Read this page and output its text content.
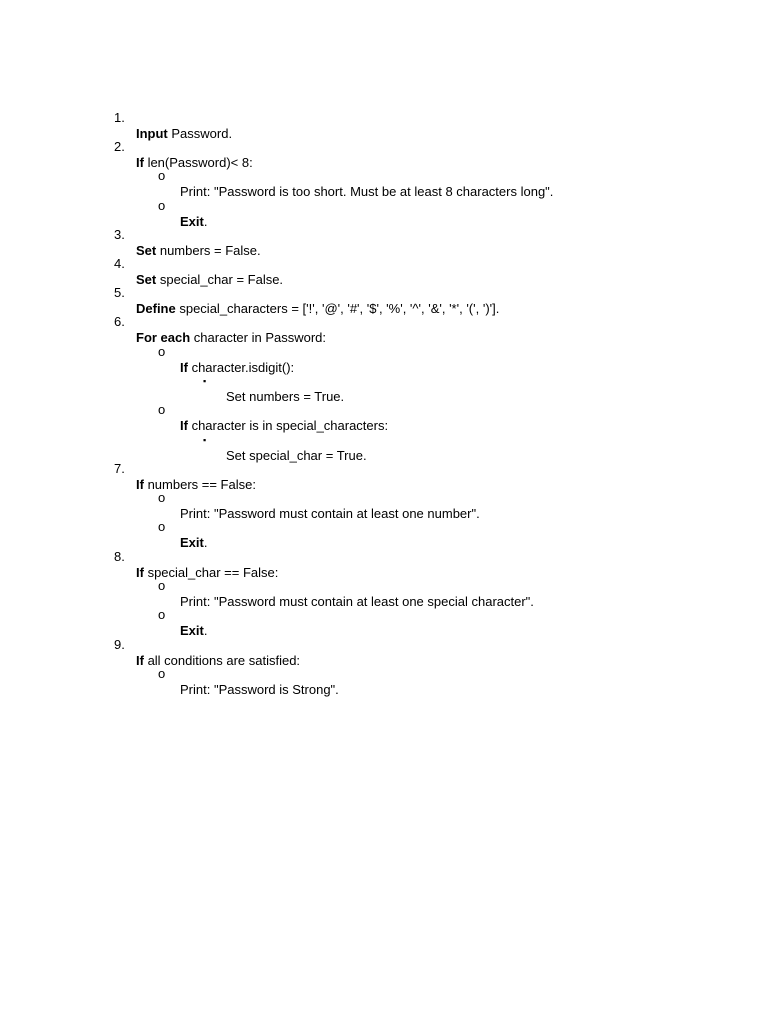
1.

Input Password.

2.

If len(Password)< 8:

o

Print: "Password is too short. Must be at least 8 characters long".

o

Exit.

3.

Set numbers = False.

4.

Set special_char = False.

5.

Define special_characters = ['!', '@', '#', '$', '%', '^', '&', '*', '(', ')'].

6.

For each character in Password:

o

If character.isdigit():

▪

Set numbers = True.

o

If character is in special_characters:

▪

Set special_char = True.

7.

If numbers == False:

o

Print: "Password must contain at least one number".

o

Exit.

8.

If special_char == False:

o

Print: "Password must contain at least one special character".

o

Exit.

9.

If all conditions are satisfied:

o

Print: "Password is Strong".
